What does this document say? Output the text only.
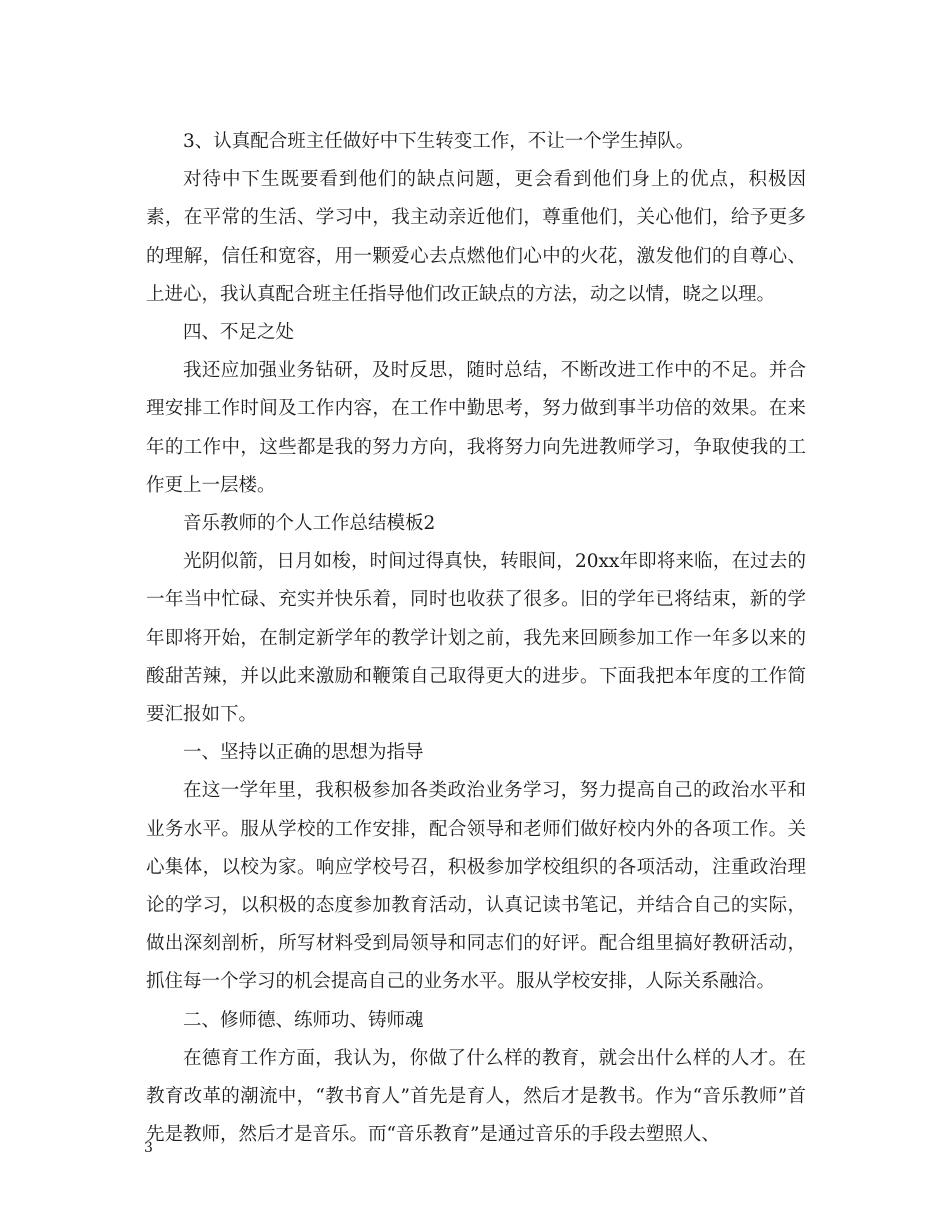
3、认真配合班主任做好中下生转变工作，不让一个学生掉队。

对待中下生既要看到他们的缺点问题，更会看到他们身上的优点，积极因素，在平常的生活、学习中，我主动亲近他们，尊重他们，关心他们，给予更多的理解，信任和宽容，用一颗爱心去点燃他们心中的火花，激发他们的自尊心、上进心，我认真配合班主任指导他们改正缺点的方法，动之以情，晓之以理。

四、不足之处

我还应加强业务钻研，及时反思，随时总结，不断改进工作中的不足。并合理安排工作时间及工作内容，在工作中勤思考，努力做到事半功倍的效果。在来年的工作中，这些都是我的努力方向，我将努力向先进教师学习，争取使我的工作更上一层楼。

音乐教师的个人工作总结模板2

光阴似箭，日月如梭，时间过得真快，转眼间，20xx年即将来临，在过去的一年当中忙碌、充实并快乐着，同时也收获了很多。旧的学年已将结束，新的学年即将开始，在制定新学年的教学计划之前，我先来回顾参加工作一年多以来的酸甜苦辣，并以此来激励和鞭策自己取得更大的进步。下面我把本年度的工作简要汇报如下。

一、坚持以正确的思想为指导

在这一学年里，我积极参加各类政治业务学习，努力提高自己的政治水平和业务水平。服从学校的工作安排，配合领导和老师们做好校内外的各项工作。关心集体，以校为家。响应学校号召，积极参加学校组织的各项活动，注重政治理论的学习，以积极的态度参加教育活动，认真记读书笔记，并结合自己的实际，做出深刻剖析，所写材料受到局领导和同志们的好评。配合组里搞好教研活动，抓住每一个学习的机会提高自己的业务水平。服从学校安排，人际关系融洽。

二、修师德、练师功、铸师魂

在德育工作方面，我认为，你做了什么样的教育，就会出什么样的人才。在教育改革的潮流中，“教书育人”首先是育人，然后才是教书。作为“音乐教师”首先是教师，然后才是音乐。而“音乐教育”是通过音乐的手段去塑照人、

3
